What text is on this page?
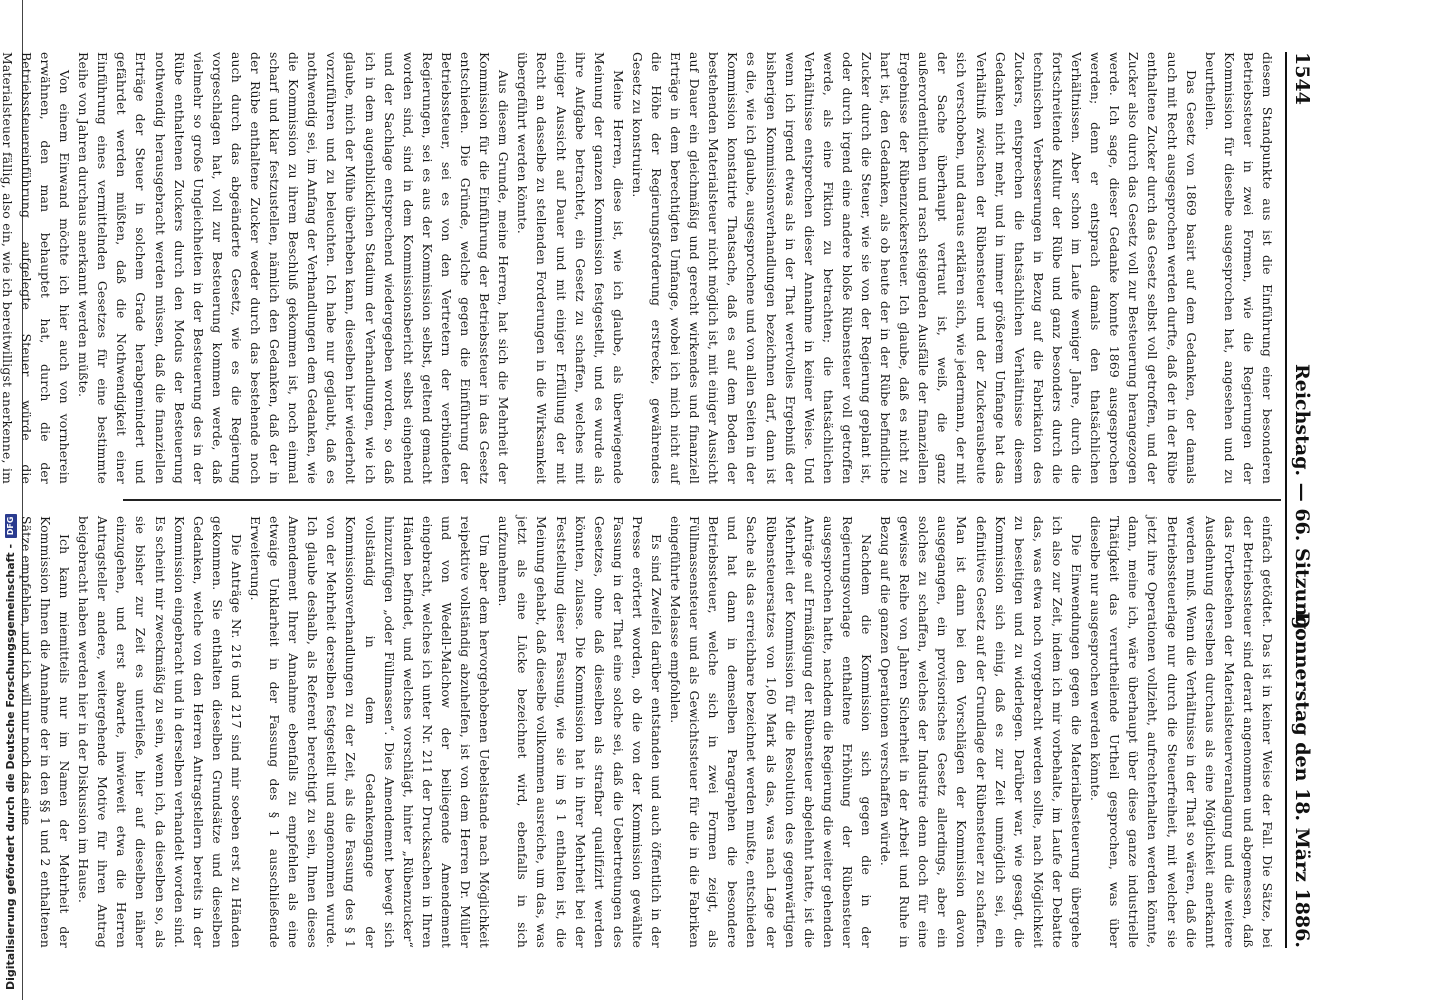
Digitalisierung gefördert durch die Deutsche Forschungsgemeinschaft -DFG
1544
Reichstag. — 66. Sitzung.
Donnerstag den 18. März 1886.

diesem Standpunkte aus ist die Einführung einer besonderen Betriebssteuer in zwei Formen, wie die Regierungen der Kommission für dieselbe ausgesprochen hat, angesehen und zu beurtheilen.

Das Gesetz von 1869 basirt auf dem Gedanken, der damals auch mit Recht ausgesprochen werden durfte, daß der in der Rübe enthaltene Zucker durch das Gesetz selbst voll getroffen, und der Zucker also durch das Gesetz voll zur Besteuerung herangezogen werde. Ich sage, dieser Gedanke konnte 1869 ausgesprochen werden; denn er entsprach damals den thatsächlichen Verhältnissen. Aber schon im Laufe weniger Jahre, durch die fortschreitende Kultur der Rübe und ganz besonders durch die technischen Verbesserungen in Bezug auf die Fabrikation des Zuckers, entsprechen die thatsächlichen Verhältnisse diesem Gedanken nicht mehr, und in immer größerem Umfange hat das Verhältniß zwischen der Rübensteuer und der Zuckerausbeute sich verschoben, und daraus erklären sich, wie jedermann, der mit der Sache überhaupt vertraut ist, weiß, die ganz außerordentlichen und rasch steigenden Ausfälle der finanziellen Ergebnisse der Rübenzuckersteuer. Ich glaube, daß es nicht zu hart ist, den Gedanken, als ob heute der in der Rübe befindliche Zucker durch die Steuer, wie sie von der Regierung geplant ist, oder durch irgend eine andere bloße Rübensteuer voll getroffen werde, als eine Fiktion zu betrachten; die thatsächlichen Verhältnisse entsprechen dieser Annahme in keiner Weise. Und wenn ich irgend etwas als in der That wertvolles Ergebniß der bisherigen Kommissionsverhandlungen bezeichnen darf, dann ist es die, wie ich glaube, ausgesprochene und von allen Seiten in der Kommission konstatirte Thatsache, daß es auf dem Boden der bestehenden Materialsteuer nicht möglich ist, mit einiger Aussicht auf Dauer ein gleichmäßig und gerecht wirkendes und finanziell Erträge in dem berechtigten Umfange, wobei ich mich nicht auf die Höhe der Regierungsforderung erstrecke, gewährendes Gesetz zu konstruiren.

Meine Herren, diese ist, wie ich glaube, als überwiegende Meinung der ganzen Kommission festgestellt, und es wurde als ihre Aufgabe betrachtet, ein Gesetz zu schaffen, welches mit einiger Aussicht auf Dauer und mit einiger Erfüllung der mit Recht an dasselbe zu stellenden Forderungen in die Wirksamkeit übergeführt werden könnte.

Aus diesem Grunde, meine Herren, hat sich die Mehrheit der Kommission für die Einführung der Betriebssteuer in das Gesetz entschieden. Die Gründe, welche gegen die Einführung der Betriebssteuer, sei es von den Vertretern der verbündeten Regierungen, sei es aus der Kommission selbst, geltend gemacht worden sind, sind in dem Kommissionsbericht selbst eingehend und der Sachlage entsprechend wiedergegeben worden, so daß ich in dem augenblicklichen Stadium der Verhandlungen, wie ich glaube, mich der Mühe überheben kann, dieselben hier wiederholt vorzuführen und zu beleuchten. Ich habe nur geglaubt, daß es nothwendig sei, im Anfang der Verhandlungen dem Gedanken, wie die Kommission zu ihrem Beschluß gekommen ist, noch einmal scharf und klar festzustellen, nämlich den Gedanken, daß der in der Rübe enthaltene Zucker weder durch das bestehende noch auch durch das abgeänderte Gesetz, wie es die Regierung vorgeschlagen hat, voll zur Besteuerung kommen werde, daß vielmehr so große Ungleichheiten in der Besteuerung des in der Rübe enthaltenen Zuckers durch den Modus der Besteuerung nothwendig herausgebracht werden müssen, daß die finanziellen Erträge der Steuer in solchem Grade herabgemindert und gefährdet werden müßten, daß die Nothwendigkeit einer Einführung eines vermittelnden Gesetzes für eine bestimmte Reihe von Jahren durchaus anerkannt werden müßte.

Von einem Einwand möchte ich hier auch von vornherein erwähnen, den man behauptet hat, durch die der Betriebssteuereinführung aufgelegte Steuer würde die Materialsteuer fällig, also ein, wie ich bereitwilligst anerkenne, im

einfach getödtet. Das ist in keiner Weise der Fall. Die Sätze, bei der Betriebssteuer sind derart angenommen und abgemessen, daß das Fortbestehen der Materialsteuerveranlagung und die weitere Ausdehnung derselben durchaus als eine Möglichkeit anerkannt werden muß. Wenn die Verhältnisse in der That so wären, daß die Betriebssteuerlage nur durch die Steuerfreiheit, mit welcher sie jetzt ihre Operationen vollzieht, aufrechterhalten werden könnte, dann, meine ich, wäre überhaupt über diese ganze industrielle Thätigkeit das verurtheilende Urtheil gesprochen, was über dieselbe nur ausgesprochen werden könnte.

Die Einwendungen gegen die Materialbesteuerung übergehe ich also zur Zeit, indem ich mir vorbehalte, im Laufe der Debatte das, was etwa noch vorgebracht werden sollte, nach Möglichkeit zu beseitigen und zu widerlegen. Darüber war, wie gesagt, die Kommission sich einig, daß es zur Zeit unmöglich sei, ein definitives Gesetz auf der Grundlage der Rübensteuer zu schaffen. Man ist dann bei den Vorschlägen der Kommission davon ausgegangen, ein provisorisches Gesetz allerdings, aber ein solches zu schaffen, welches der Industrie denn doch für eine gewisse Reihe von Jahren Sicherheit in der Arbeit und Ruhe in Bezug auf die ganzen Operationen verschaffen würde.

Nachdem die Kommission sich gegen die in der Regierungsvorlage enthaltene Erhöhung der Rübensteuer ausgesprochen hatte, nachdem die Regierung die weiter gehenden Anträge auf Ermäßigung der Rübensteuer abgelehnt hatte, ist die Mehrheit der Kommission für die Resolution des gegenwärtigen Rübensteuersatzes von 1,60 Mark als das, was nach Lage der Sache als das erreichbare bezeichnet werden mußte, entschieden und hat dann in demselben Paragraphen die besondere Betriebssteuer, welche sich in zwei Formen zeigt, als Füllmassensteuer und als Gewichtssteuer für die in die Fabriken eingeführte Melasse empfohlen.

Es sind Zweifel darüber entstanden und auch öffentlich in der Presse erörtert worden, ob die von der Kommission gewählte Fassung in der That eine solche sei, daß die Uebertretungen des Gesetzes, ohne daß dieselben als strafbar qualifizirt werden könnten, zulasse. Die Kommission hat in ihrer Mehrheit bei der Feststellung dieser Fassung, wie sie im § 1 enthalten ist, die Meinung gehabt, daß dieselbe vollkommen ausreiche, um das, was jetzt als eine Lücke bezeichnet wird, ebenfalls in sich aufzunehmen.

Um aber dem hervorgehobenen Uebelstande nach Möglichkeit reipektive vollständig abzuhelfen, ist von dem Herren Dr. Müller und von Wedell-Malchow der beiliegende Amendement eingebracht, welches ich unter Nr. 211 der Drucksachen in Ihren Händen befindet, und welches vorschlägt, hinter „Rübenzucker“ hinzuzufügen „oder Füllmassen“. Dies Amendement bewegt sich vollständig in dem Gedankengange der Kommissionsverhandlungen zu der Zeit, als die Fassung des § 1 von der Mehrheit derselben festgestellt und angenommen wurde. Ich glaube deshalb, als Referent berechtigt zu sein, Ihnen dieses Amendement Ihrer Annahme ebenfalls zu empfehlen als eine etwaige Unklarheit in der Fassung des § 1 ausschließende Erweiterung.

Die Anträge Nr. 216 und 217 sind mir soeben erst zu Händen gekommen. Sie enthalten dieselben Grundsätze und dieselben Gedanken, welche von den Herren Antragstellern bereits in der Kommission eingebracht und in derselben verhandelt worden sind. Es scheint mir zweckmäßig zu sein, wenn ich, da dieselben so, als sie bisher zur Zeit es unterließe, hier auf dieselben näher einzugehen, und erst abwarte, inwieweit etwa die Herren Antragsteller andere, weitergehende Motive für ihren Antrag beigebracht haben werden hier in der Diskussion im Hause.

Ich kann miemitteils nur im Namen der Mehrheit der Kommission Ihnen die Annahme der in den §§ 1 und 2 enthaltenen Sätze empfehlen, und ich will nur noch das eine
